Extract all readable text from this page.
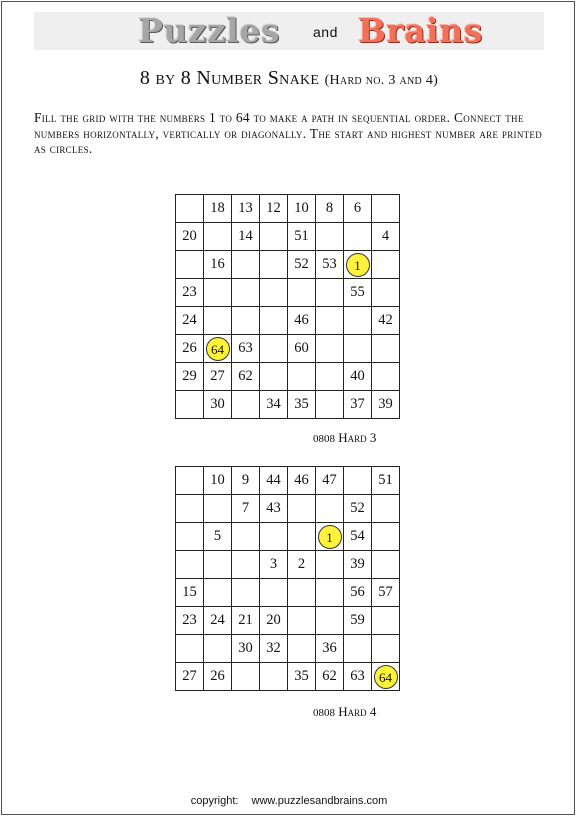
Puzzles and Brains
8 by 8 Number Snake (Hard no. 3 and 4)
Fill the grid with the numbers 1 to 64 to make a path in sequential order. Connect the numbers horizontally, vertically or diagonally. The start and highest number are printed as circles.
	18	13	12	10	8	6	
20		14		51			4
	16			52	53	1	
23						55	
24				46			42
26	64	63		60			
29	27	62				40	
	30		34	35		37	39
0808 Hard 3
	10	9	44	46	47		51
		7	43			52	
	5				1	54	
			3	2		39	
15						56	57
23	24	21	20			59	
		30	32		36		
27	26			35	62	63	64
0808 Hard 4
copyright: www.puzzlesandbrains.com
